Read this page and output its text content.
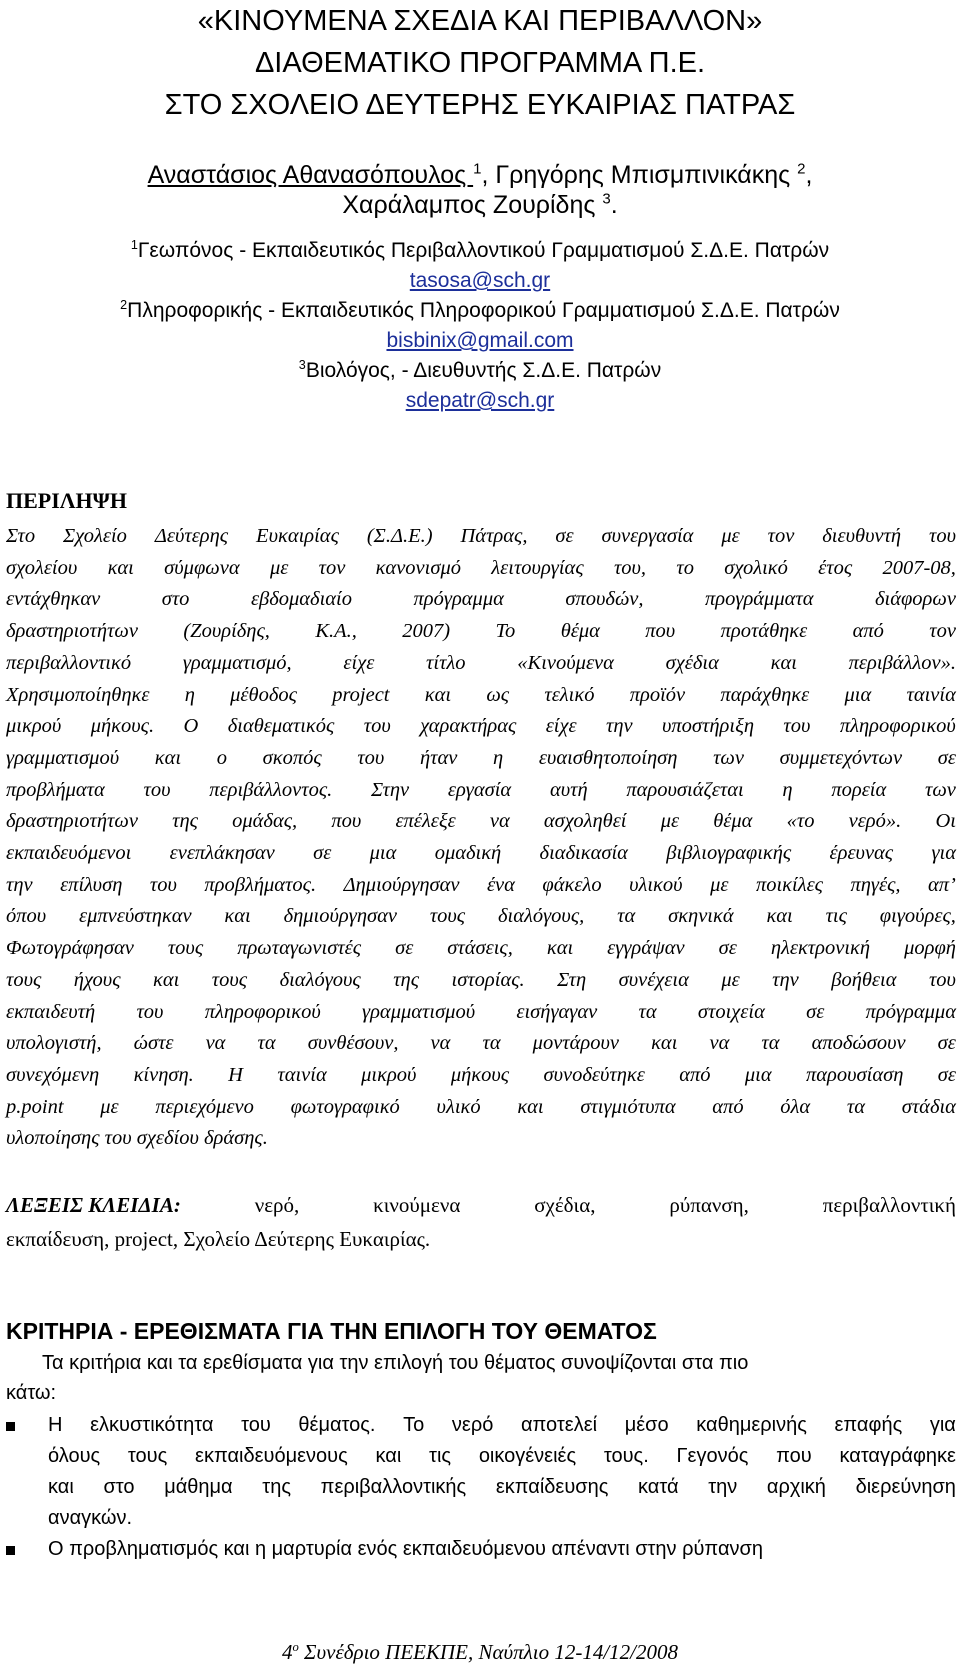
«ΚΙΝΟΥΜΕΝΑ ΣΧΕΔΙΑ ΚΑΙ ΠΕΡΙΒΑΛΛΟΝ»
ΔΙΑΘΕΜΑΤΙΚΟ ΠΡΟΓΡΑΜΜΑ Π.Ε.
ΣΤΟ ΣΧΟΛΕΙΟ ΔΕΥΤΕΡΗΣ ΕΥΚΑΙΡΙΑΣ ΠΑΤΡΑΣ
Αναστάσιος Αθανασόπουλος $^1$, Γρηγόρης Μπισμπινικάκης $^2$,
Χαράλαμπος Ζουρίδης $^3$.
$^1$Γεωπόνος - Εκπαιδευτικός Περιβαλλοντικού Γραμματισμού Σ.Δ.Ε. Πατρών
tasosa@sch.gr
$^2$Πληροφορικής - Εκπαιδευτικός Πληροφορικού Γραμματισμού Σ.Δ.Ε. Πατρών
bisbinix@gmail.com
$^3$Βιολόγος, - Διευθυντής Σ.Δ.Ε. Πατρών
sdepatr@sch.gr
ΠΕΡΙΛΗΨΗ
Στο Σχολείο Δεύτερης Ευκαιρίας (Σ.Δ.Ε.) Πάτρας, σε συνεργασία με τον διευθυντή του
σχολείου και σύμφωνα με τον κανονισμό λειτουργίας του, το σχολικό έτος 2007-08,
εντάχθηκαν	στο	εβδομαδιαίο	πρόγραμμα	σπουδών,	προγράμματα	διάφορων
δραστηριοτήτων (Ζουρίδης, Κ.Α., 2007) Το θέμα που προτάθηκε από τον
περιβαλλοντικό	γραμματισμό,	είχε	τίτλο	«Κινούμενα	σχέδια	και	περιβάλλον».
Χρησιμοποίηθηκε η μέθοδος project και ως τελικό προϊόν παράχθηκε μια ταινία
μικρού μήκους. Ο διαθεματικός του χαρακτήρας είχε την υποστήριξη του πληροφορικού
γραμματισμού και ο σκοπός του ήταν η ευαισθητοποίηση των συμμετεχόντων σε
προβλήματα του περιβάλλοντος. Στην εργασία αυτή παρουσιάζεται η πορεία των
δραστηριοτήτων της ομάδας, που επέλεξε να ασχοληθεί με θέμα «το νερό». Οι
εκπαιδευόμενοι ενεπλάκησαν σε μια ομαδική διαδικασία βιβλιογραφικής έρευνας για
την επίλυση του προβλήματος. Δημιούργησαν ένα φάκελο υλικού με ποικίλες πηγές, απ’
όπου εμπνεύστηκαν και δημιούργησαν τους διαλόγους, τα σκηνικά και τις φιγούρες,
Φωτογράφησαν τους πρωταγωνιστές σε στάσεις, και εγγράψαν σε ηλεκτρονική μορφή
τους ήχους και τους διαλόγους της ιστορίας. Στη συνέχεια με την βοήθεια του
εκπαιδευτή του πληροφορικού γραμματισμού εισήγαγαν τα στοιχεία σε πρόγραμμα
υπολογιστή, ώστε να τα συνθέσουν, να τα μοντάρουν και να τα αποδώσουν σε
συνεχόμενη κίνηση. Η ταινία μικρού μήκους συνοδεύτηκε από μια παρουσίαση σε
p.point με περιεχόμενο φωτογραφικό υλικό και στιγμιότυπα από όλα τα στάδια
υλοποίησης του σχεδίου δράσης.
ΛΕΞΕΙΣ ΚΛΕΙΔΙΑ:	νερό,	κινούμενα	σχέδια,	ρύπανση,	περιβαλλοντική
εκπαίδευση, project, Σχολείο Δεύτερης Ευκαιρίας.
ΚΡΙΤΗΡΙΑ - ΕΡΕΘΙΣΜΑΤΑ ΓΙΑ ΤΗΝ ΕΠΙΛΟΓΗ ΤΟΥ ΘΕΜΑΤΟΣ
Τα κριτήρια και τα ερεθίσματα για την επιλογή του θέματος συνοψίζονται στα πιο
κάτω:
Η ελκυστικότητα του θέματος. Το νερό αποτελεί μέσο καθημερινής επαφής για
όλους τους εκπαιδευόμενους και τις οικογένειές τους. Γεγονός που καταγράφηκε
και στο μάθημα της περιβαλλοντικής εκπαίδευσης κατά την αρχική διερεύνηση
αναγκών.
Ο προβληματισμός και η μαρτυρία ενός εκπαιδευόμενου απέναντι στην ρύπανση
$4^o$ Συνέδριο ΠΕΕΚΠΕ, Ναύπλιο 12-14/12/2008
